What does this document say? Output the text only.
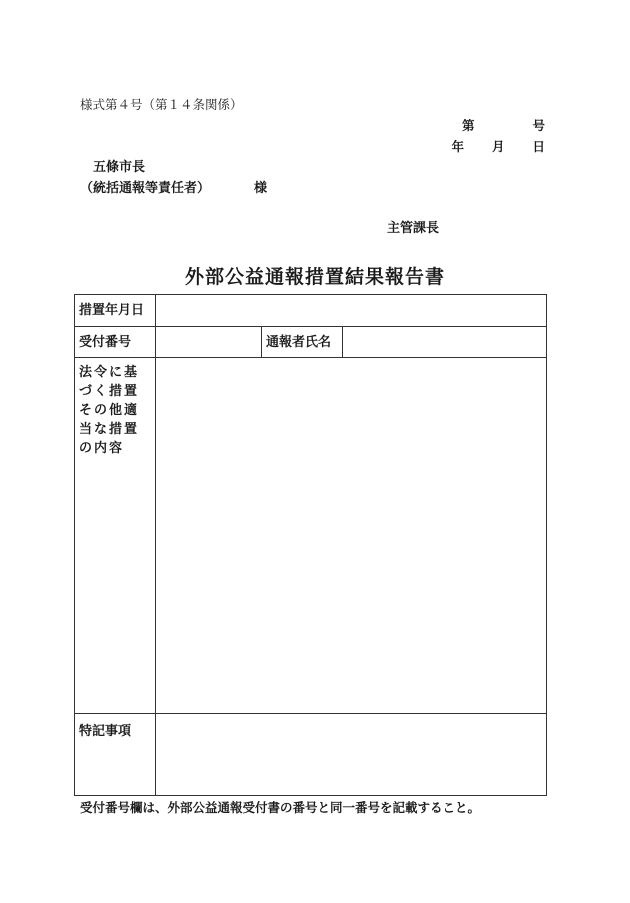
様式第４号（第１４条関係）
第	号
年 月 日
五條市長
（統括通報等責任者）	様
主管課長
外部公益通報措置結果報告書
措置年月日			
受付番号		通報者氏名	
法令に基づく措置その他適当な措置の内容			
特記事項			
受付番号欄は、外部公益通報受付書の番号と同一番号を記載すること。
